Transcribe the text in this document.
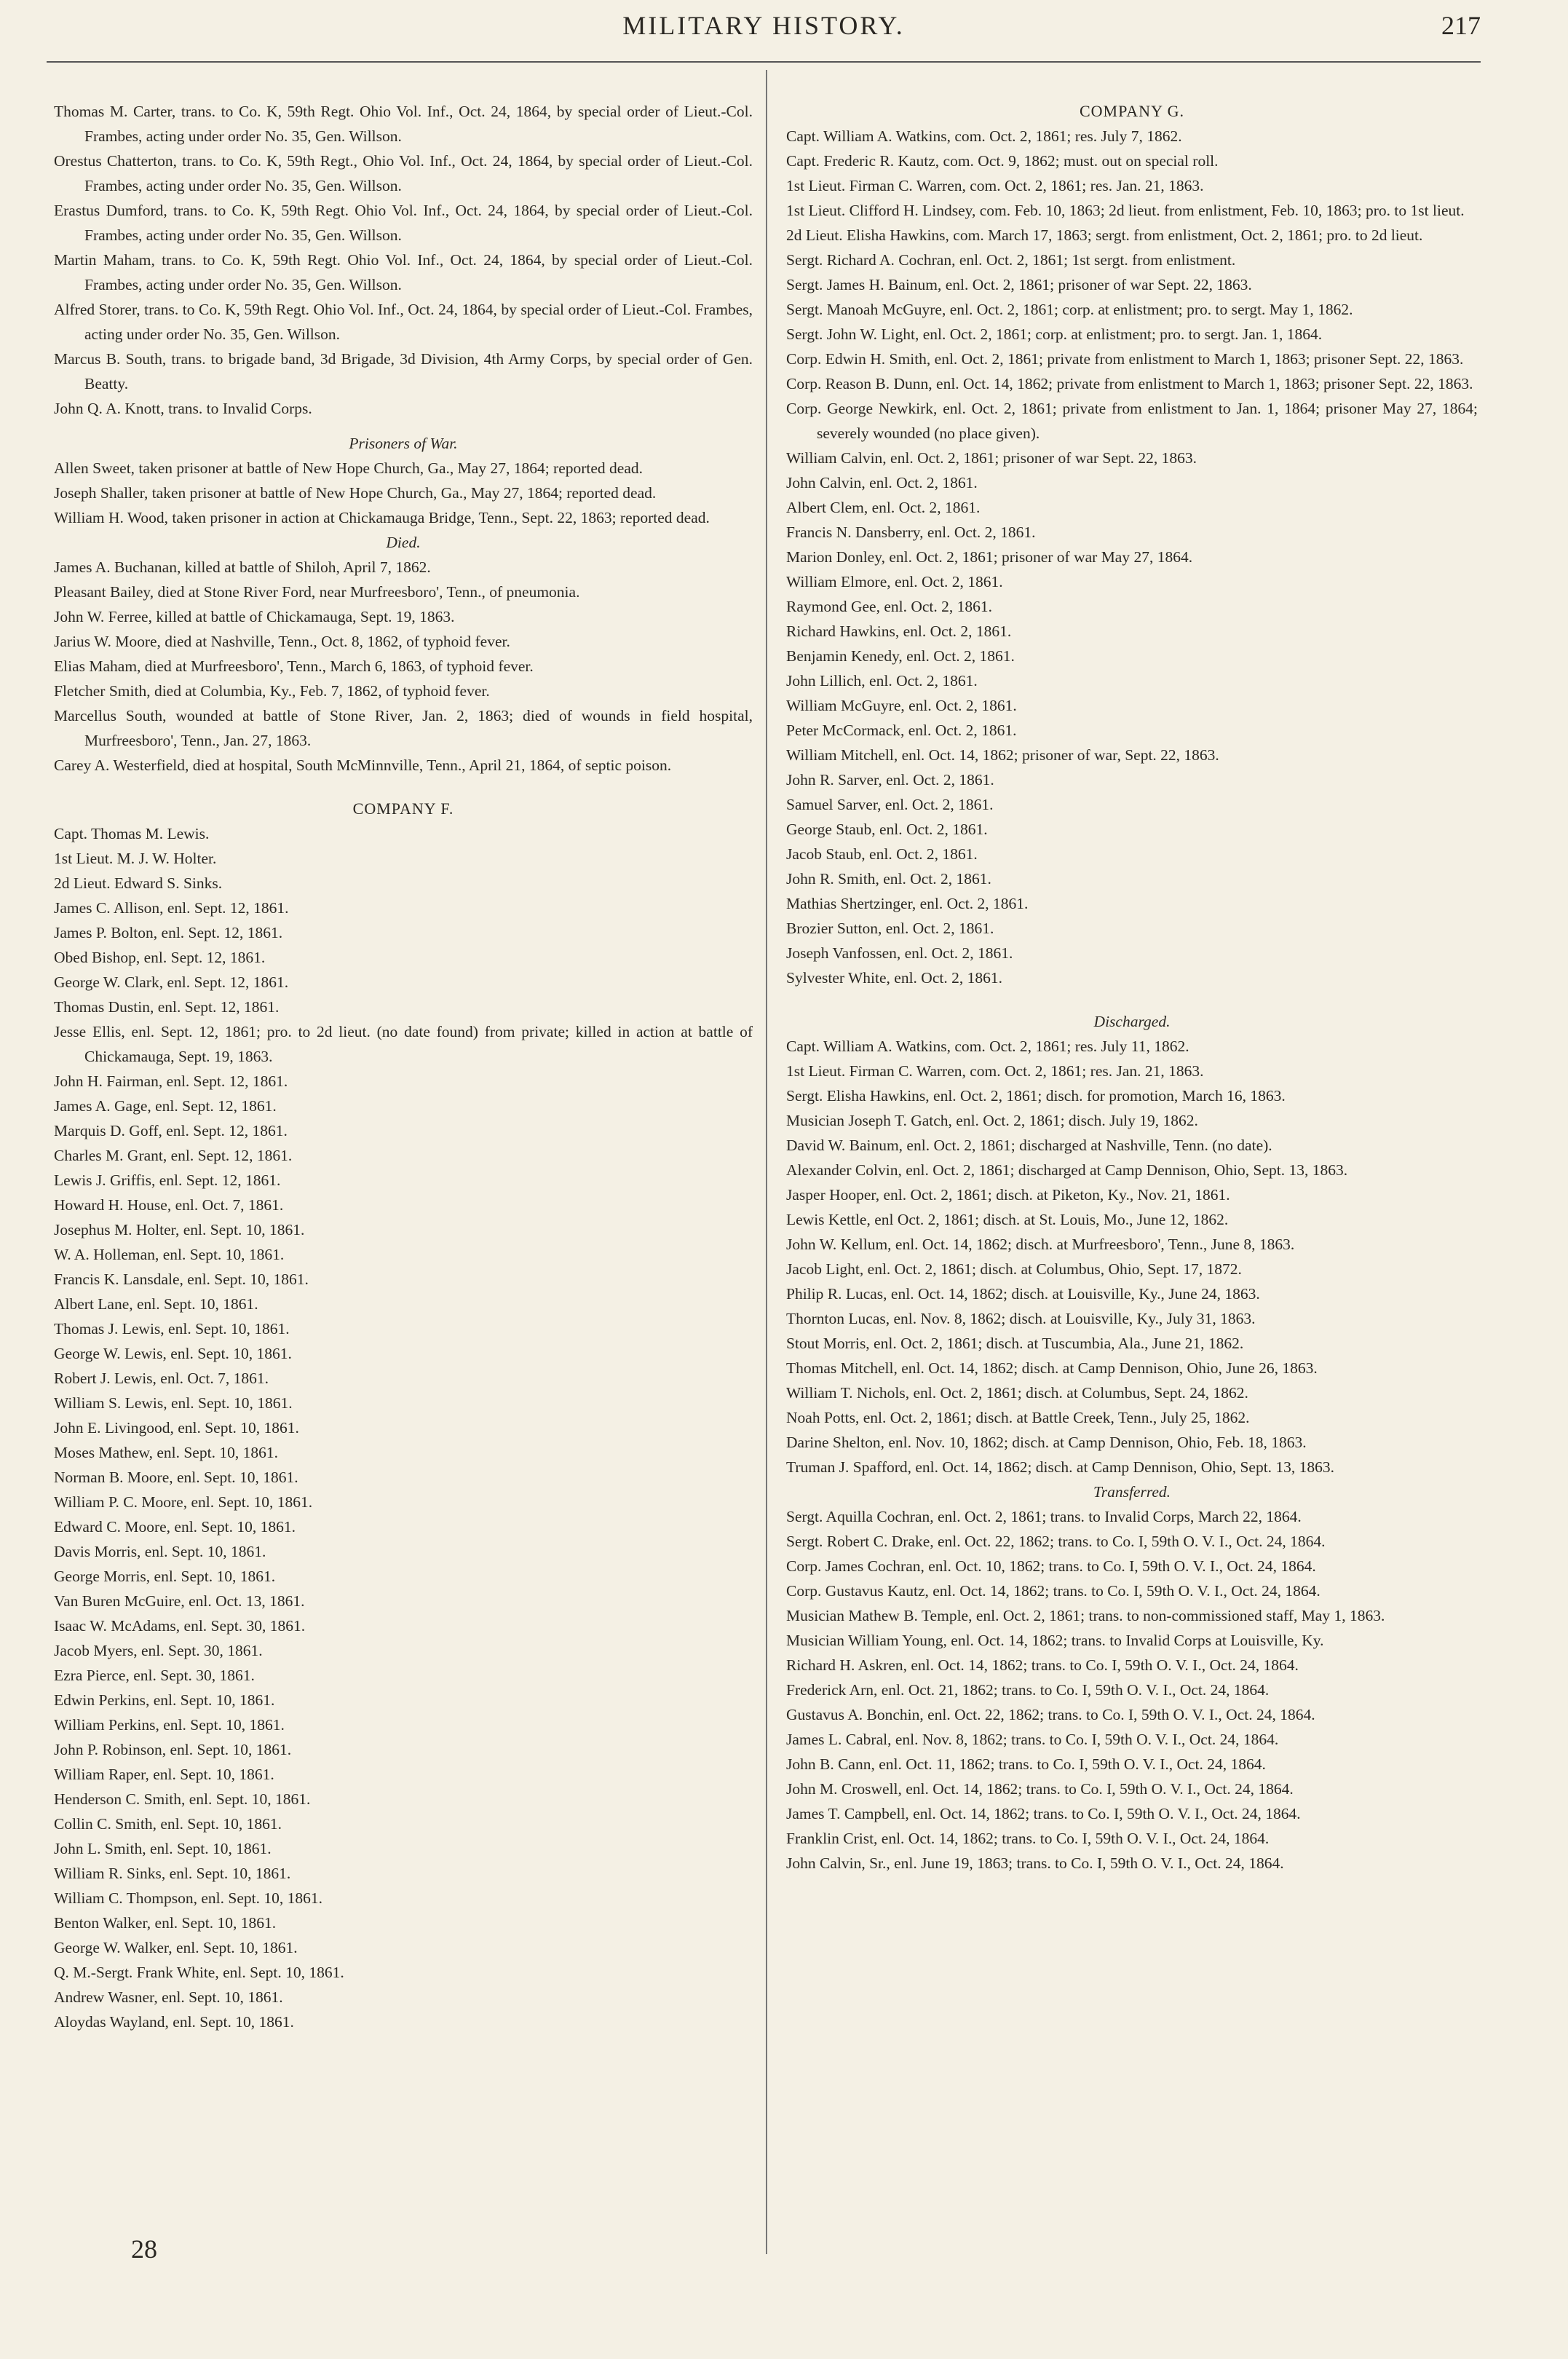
MILITARY HISTORY.	217
Thomas M. Carter, trans. to Co. K, 59th Regt. Ohio Vol. Inf., Oct. 24, 1864, by special order of Lieut.-Col. Frambes, acting under order No. 35, Gen. Willson.
Orestus Chatterton, trans. to Co. K, 59th Regt., Ohio Vol. Inf., Oct. 24, 1864, by special order of Lieut.-Col. Frambes, acting under order No. 35, Gen. Willson.
Erastus Dumford, trans. to Co. K, 59th Regt. Ohio Vol. Inf., Oct. 24, 1864, by special order of Lieut.-Col. Frambes, acting under order No. 35, Gen. Willson.
Martin Maham, trans. to Co. K, 59th Regt. Ohio Vol. Inf., Oct. 24, 1864, by special order of Lieut.-Col. Frambes, acting under order No. 35, Gen. Willson.
Alfred Storer, trans. to Co. K, 59th Regt. Ohio Vol. Inf., Oct. 24, 1864, by special order of Lieut.-Col. Frambes, acting under order No. 35, Gen. Willson.
Marcus B. South, trans. to brigade band, 3d Brigade, 3d Division, 4th Army Corps, by special order of Gen. Beatty.
John Q. A. Knott, trans. to Invalid Corps.
Prisoners of War.
Allen Sweet, taken prisoner at battle of New Hope Church, Ga., May 27, 1864; reported dead.
Joseph Shaller, taken prisoner at battle of New Hope Church, Ga., May 27, 1864; reported dead.
William H. Wood, taken prisoner in action at Chickamauga Bridge, Tenn., Sept. 22, 1863; reported dead.
Died.
James A. Buchanan, killed at battle of Shiloh, April 7, 1862.
Pleasant Bailey, died at Stone River Ford, near Murfreesboro', Tenn., of pneumonia.
John W. Ferree, killed at battle of Chickamauga, Sept. 19, 1863.
Jarius W. Moore, died at Nashville, Tenn., Oct. 8, 1862, of typhoid fever.
Elias Maham, died at Murfreesboro', Tenn., March 6, 1863, of typhoid fever.
Fletcher Smith, died at Columbia, Ky., Feb. 7, 1862, of typhoid fever.
Marcellus South, wounded at battle of Stone River, Jan. 2, 1863; died of wounds in field hospital, Murfreesboro', Tenn., Jan. 27, 1863.
Carey A. Westerfield, died at hospital, South McMinnville, Tenn., April 21, 1864, of septic poison.
COMPANY F.
Capt. Thomas M. Lewis.
1st Lieut. M. J. W. Holter.
2d Lieut. Edward S. Sinks.
James C. Allison, enl. Sept. 12, 1861.
James P. Bolton, enl. Sept. 12, 1861.
Obed Bishop, enl. Sept. 12, 1861.
George W. Clark, enl. Sept. 12, 1861.
Thomas Dustin, enl. Sept. 12, 1861.
Jesse Ellis, enl. Sept. 12, 1861; pro. to 2d lieut. (no date found) from private; killed in action at battle of Chickamauga, Sept. 19, 1863.
John H. Fairman, enl. Sept. 12, 1861.
James A. Gage, enl. Sept. 12, 1861.
Marquis D. Goff, enl. Sept. 12, 1861.
Charles M. Grant, enl. Sept. 12, 1861.
Lewis J. Griffis, enl. Sept. 12, 1861.
Howard H. House, enl. Oct. 7, 1861.
Josephus M. Holter, enl. Sept. 10, 1861.
W. A. Holleman, enl. Sept. 10, 1861.
Francis K. Lansdale, enl. Sept. 10, 1861.
Albert Lane, enl. Sept. 10, 1861.
Thomas J. Lewis, enl. Sept. 10, 1861.
George W. Lewis, enl. Sept. 10, 1861.
Robert J. Lewis, enl. Oct. 7, 1861.
William S. Lewis, enl. Sept. 10, 1861.
John E. Livingood, enl. Sept. 10, 1861.
Moses Mathew, enl. Sept. 10, 1861.
Norman B. Moore, enl. Sept. 10, 1861.
William P. C. Moore, enl. Sept. 10, 1861.
Edward C. Moore, enl. Sept. 10, 1861.
Davis Morris, enl. Sept. 10, 1861.
George Morris, enl. Sept. 10, 1861.
Van Buren McGuire, enl. Oct. 13, 1861.
Isaac W. McAdams, enl. Sept. 30, 1861.
Jacob Myers, enl. Sept. 30, 1861.
Ezra Pierce, enl. Sept. 30, 1861.
Edwin Perkins, enl. Sept. 10, 1861.
William Perkins, enl. Sept. 10, 1861.
John P. Robinson, enl. Sept. 10, 1861.
William Raper, enl. Sept. 10, 1861.
Henderson C. Smith, enl. Sept. 10, 1861.
Collin C. Smith, enl. Sept. 10, 1861.
John L. Smith, enl. Sept. 10, 1861.
William R. Sinks, enl. Sept. 10, 1861.
William C. Thompson, enl. Sept. 10, 1861.
Benton Walker, enl. Sept. 10, 1861.
George W. Walker, enl. Sept. 10, 1861.
Q. M.-Sergt. Frank White, enl. Sept. 10, 1861.
Andrew Wasner, enl. Sept. 10, 1861.
Aloydas Wayland, enl. Sept. 10, 1861.
COMPANY G.
Capt. William A. Watkins, com. Oct. 2, 1861; res. July 7, 1862.
Capt. Frederic R. Kautz, com. Oct. 9, 1862; must. out on special roll.
1st Lieut. Firman C. Warren, com. Oct. 2, 1861; res. Jan. 21, 1863.
1st Lieut. Clifford H. Lindsey, com. Feb. 10, 1863; 2d lieut. from enlistment, Feb. 10, 1863; pro. to 1st lieut.
2d Lieut. Elisha Hawkins, com. March 17, 1863; sergt. from enlistment, Oct. 2, 1861; pro. to 2d lieut.
Sergt. Richard A. Cochran, enl. Oct. 2, 1861; 1st sergt. from enlistment.
Sergt. James H. Bainum, enl. Oct. 2, 1861; prisoner of war Sept. 22, 1863.
Sergt. Manoah McGuyre, enl. Oct. 2, 1861; corp. at enlistment; pro. to sergt. May 1, 1862.
Sergt. John W. Light, enl. Oct. 2, 1861; corp. at enlistment; pro. to sergt. Jan. 1, 1864.
Corp. Edwin H. Smith, enl. Oct. 2, 1861; private from enlistment to March 1, 1863; prisoner Sept. 22, 1863.
Corp. Reason B. Dunn, enl. Oct. 14, 1862; private from enlistment to March 1, 1863; prisoner Sept. 22, 1863.
Corp. George Newkirk, enl. Oct. 2, 1861; private from enlistment to Jan. 1, 1864; prisoner May 27, 1864; severely wounded (no place given).
William Calvin, enl. Oct. 2, 1861; prisoner of war Sept. 22, 1863.
John Calvin, enl. Oct. 2, 1861.
Albert Clem, enl. Oct. 2, 1861.
Francis N. Dansberry, enl. Oct. 2, 1861.
Marion Donley, enl. Oct. 2, 1861; prisoner of war May 27, 1864.
William Elmore, enl. Oct. 2, 1861.
Raymond Gee, enl. Oct. 2, 1861.
Richard Hawkins, enl. Oct. 2, 1861.
Benjamin Kenedy, enl. Oct. 2, 1861.
John Lillich, enl. Oct. 2, 1861.
William McGuyre, enl. Oct. 2, 1861.
Peter McCormack, enl. Oct. 2, 1861.
William Mitchell, enl. Oct. 14, 1862; prisoner of war, Sept. 22, 1863.
John R. Sarver, enl. Oct. 2, 1861.
Samuel Sarver, enl. Oct. 2, 1861.
George Staub, enl. Oct. 2, 1861.
Jacob Staub, enl. Oct. 2, 1861.
John R. Smith, enl. Oct. 2, 1861.
Mathias Shertzinger, enl. Oct. 2, 1861.
Brozier Sutton, enl. Oct. 2, 1861.
Joseph Vanfossen, enl. Oct. 2, 1861.
Sylvester White, enl. Oct. 2, 1861.
Discharged.
Capt. William A. Watkins, com. Oct. 2, 1861; res. July 11, 1862.
1st Lieut. Firman C. Warren, com. Oct. 2, 1861; res. Jan. 21, 1863.
Sergt. Elisha Hawkins, enl. Oct. 2, 1861; disch. for promotion, March 16, 1863.
Musician Joseph T. Gatch, enl. Oct. 2, 1861; disch. July 19, 1862.
David W. Bainum, enl. Oct. 2, 1861; discharged at Nashville, Tenn. (no date).
Alexander Colvin, enl. Oct. 2, 1861; discharged at Camp Dennison, Ohio, Sept. 13, 1863.
Jasper Hooper, enl. Oct. 2, 1861; disch. at Piketon, Ky., Nov. 21, 1861.
Lewis Kettle, enl Oct. 2, 1861; disch. at St. Louis, Mo., June 12, 1862.
John W. Kellum, enl. Oct. 14, 1862; disch. at Murfreesboro', Tenn., June 8, 1863.
Jacob Light, enl. Oct. 2, 1861; disch. at Columbus, Ohio, Sept. 17, 1872.
Philip R. Lucas, enl. Oct. 14, 1862; disch. at Louisville, Ky., June 24, 1863.
Thornton Lucas, enl. Nov. 8, 1862; disch. at Louisville, Ky., July 31, 1863.
Stout Morris, enl. Oct. 2, 1861; disch. at Tuscumbia, Ala., June 21, 1862.
Thomas Mitchell, enl. Oct. 14, 1862; disch. at Camp Dennison, Ohio, June 26, 1863.
William T. Nichols, enl. Oct. 2, 1861; disch. at Columbus, Sept. 24, 1862.
Noah Potts, enl. Oct. 2, 1861; disch. at Battle Creek, Tenn., July 25, 1862.
Darine Shelton, enl. Nov. 10, 1862; disch. at Camp Dennison, Ohio, Feb. 18, 1863.
Truman J. Spafford, enl. Oct. 14, 1862; disch. at Camp Dennison, Ohio, Sept. 13, 1863.
Transferred.
Sergt. Aquilla Cochran, enl. Oct. 2, 1861; trans. to Invalid Corps, March 22, 1864.
Sergt. Robert C. Drake, enl. Oct. 22, 1862; trans. to Co. I, 59th O. V. I., Oct. 24, 1864.
Corp. James Cochran, enl. Oct. 10, 1862; trans. to Co. I, 59th O. V. I., Oct. 24, 1864.
Corp. Gustavus Kautz, enl. Oct. 14, 1862; trans. to Co. I, 59th O. V. I., Oct. 24, 1864.
Musician Mathew B. Temple, enl. Oct. 2, 1861; trans. to non-commissioned staff, May 1, 1863.
Musician William Young, enl. Oct. 14, 1862; trans. to Invalid Corps at Louisville, Ky.
Richard H. Askren, enl. Oct. 14, 1862; trans. to Co. I, 59th O. V. I., Oct. 24, 1864.
Frederick Arn, enl. Oct. 21, 1862; trans. to Co. I, 59th O. V. I., Oct. 24, 1864.
Gustavus A. Bonchin, enl. Oct. 22, 1862; trans. to Co. I, 59th O. V. I., Oct. 24, 1864.
James L. Cabral, enl. Nov. 8, 1862; trans. to Co. I, 59th O. V. I., Oct. 24, 1864.
John B. Cann, enl. Oct. 11, 1862; trans. to Co. I, 59th O. V. I., Oct. 24, 1864.
John M. Croswell, enl. Oct. 14, 1862; trans. to Co. I, 59th O. V. I., Oct. 24, 1864.
James T. Campbell, enl. Oct. 14, 1862; trans. to Co. I, 59th O. V. I., Oct. 24, 1864.
Franklin Crist, enl. Oct. 14, 1862; trans. to Co. I, 59th O. V. I., Oct. 24, 1864.
John Calvin, Sr., enl. June 19, 1863; trans. to Co. I, 59th O. V. I., Oct. 24, 1864.
28
